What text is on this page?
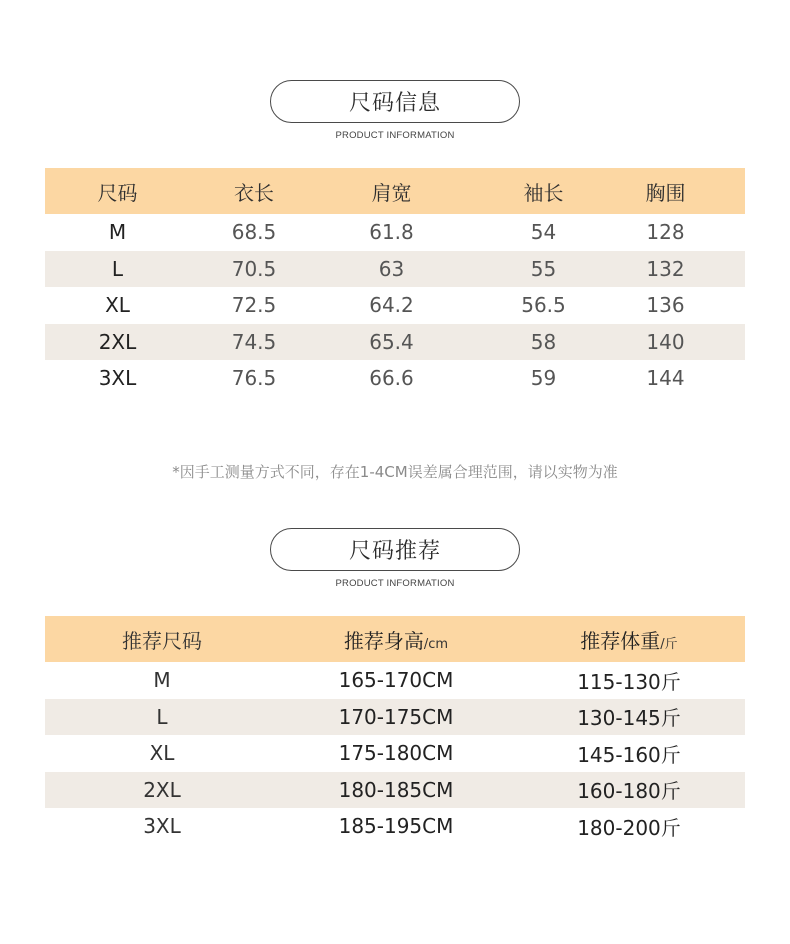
尺码信息
PRODUCT INFORMATION
尺码	衣长	肩宽	袖长	胸围
M	68.5	61.8	54	128
L	70.5	63	55	132
XL	72.5	64.2	56.5	136
2XL	74.5	65.4	58	140
3XL	76.5	66.6	59	144
*因手工测量方式不同，存在1-4CM误差属合理范围，请以实物为准
尺码推荐
PRODUCT INFORMATION
推荐尺码	推荐身高/cm	推荐体重/斤
M	165-170CM	115-130斤
L	170-175CM	130-145斤
XL	175-180CM	145-160斤
2XL	180-185CM	160-180斤
3XL	185-195CM	180-200斤
